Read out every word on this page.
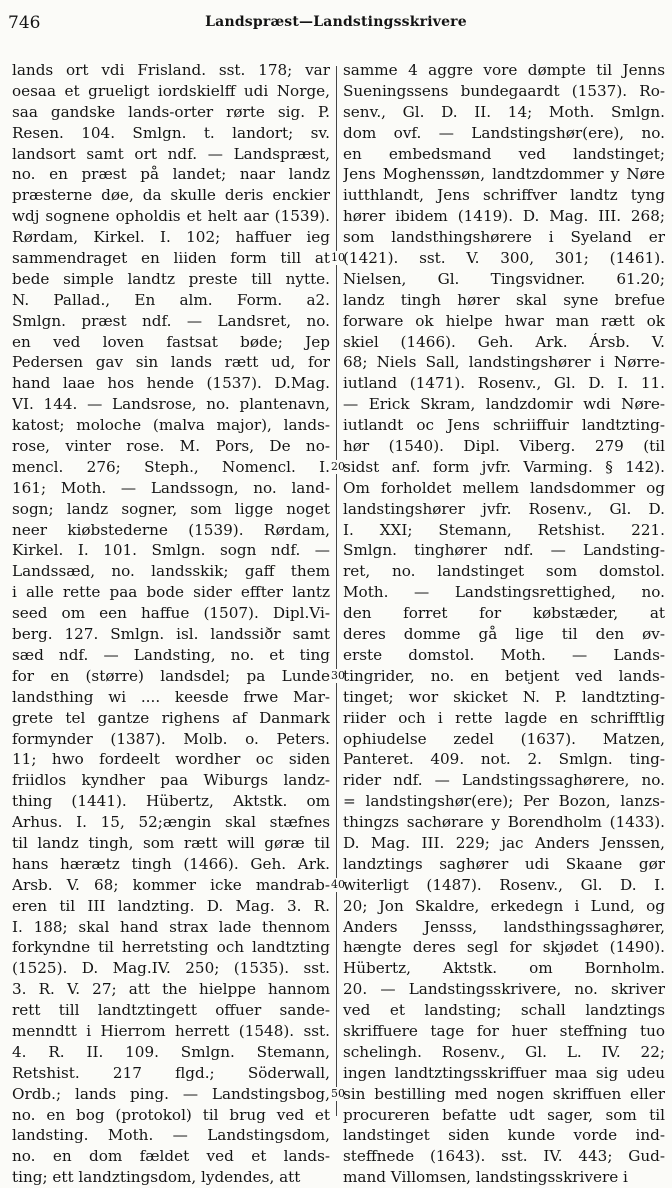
746	Landspræst—Landstingsskrivere
lands ort vdi Frisland. sst. 178; var
oesaa et grueligt iordskielff udi Norge,
saa gandske lands-orter rørte sig. P.
Resen. 104. Smlgn. t. landort; sv.
landsort samt ort ndf. — Landspræst,
no. en præst på landet; naar landz
præsterne døe, da skulle deris enckier
wdj sognene opholdis et helt aar (1539).
Rørdam, Kirkel. I. 102; haffuer ieg
sammendraget en liiden form till at
bede simple landtz preste till nytte.
N. Pallad., En alm. Form. a2.
Smlgn. præst ndf. — Landsret, no.
en ved loven fastsat bøde; Jep
Pedersen gav sin lands rætt ud, for
hand laae hos hende (1537). D.Mag.
VI. 144. — Landsrose, no. plantenavn,
katost; moloche (malva major), lands-
rose, vinter rose. M. Pors, De no-
mencl. 276; Steph., Nomencl. I.
161; Moth. — Landssogn, no. land-
sogn; landz sogner, som ligge noget
neer kiøbstederne (1539). Rørdam,
Kirkel. I. 101. Smlgn. sogn ndf. —
Landssæd, no. landsskik; gaff them
i alle rette paa bode sider effter lantz
seed om een haffue (1507). Dipl.Vi-
berg. 127. Smlgn. isl. landssiðr samt
sæd ndf. — Landsting, no. et ting
for en (større) landsdel; pa Lunde
landsthing wi .... keesde frwe Mar-
grete tel gantze righens af Danmark
formynder (1387). Molb. o. Peters.
11; hwo fordeelt wordher oc siden
friidlos kyndher paa Wiburgs landz-
thing (1441). Hübertz, Aktstk. om
Arhus. I. 15, 52;ængin skal stæfnes
til landz tingh, som rætt will gøræ til
hans hærætz tingh (1466). Geh. Ark.
Arsb. V. 68; kommer icke mandrab-
eren til III landzting. D. Mag. 3. R.
I. 188; skal hand strax lade thennom
forkyndne til herretsting och landtzting
(1525). D. Mag.IV. 250; (1535). sst.
3. R. V. 27; att the hielppe hannom
rett till landtztingett offuer sande-
menndtt i Hierrom herrett (1548). sst.
4. R. II. 109. Smlgn. Stemann,
Retshist. 217 flgd.; Söderwall,
Ordb.; lands ping. — Landstingsbog,
no. en bog (protokol) til brug ved et
landsting. Moth. — Landstingsdom,
no. en dom fældet ved et lands-
ting; ett landztingsdom, lydendes, att
10
20
30
40
50
samme 4 aggre vore dømpte til Jenns
Sueningssens bundegaardt (1537). Ro-
senv., Gl. D. II. 14; Moth. Smlgn.
dom ovf. — Landstingshør(ere), no.
en embedsmand ved landstinget;
Jens Moghenssøn, landtzdommer y Nøre
iutthlandt, Jens schriffver landtz tyng
hører ibidem (1419). D. Mag. III. 268;
som landsthingshørere i Syeland er
(1421). sst. V. 300, 301; (1461).
Nielsen, Gl. Tingsvidner. 61.20;
landz tingh hører skal syne brefue
forware ok hielpe hwar man rætt ok
skiel (1466). Geh. Ark. Ársb. V.
68; Niels Sall, landstingshører i Nørre-
iutland (1471). Rosenv., Gl. D. I. 11.
— Erick Skram, landzdomir wdi Nøre-
iutlandt oc Jens schriiffuir landtzting-
hør (1540). Dipl. Viberg. 279 (til
sidst anf. form jvfr. Varming. § 142).
Om forholdet mellem landsdommer og
landstingshører jvfr. Rosenv., Gl. D.
I. XXI; Stemann, Retshist. 221.
Smlgn. tinghører ndf. — Landsting-
ret, no. landstinget som domstol.
Moth. — Landstingsrettighed, no.
den forret for købstæder, at
deres domme gå lige til den øv-
erste domstol. Moth. — Lands-
tingrider, no. en betjent ved lands-
tinget; wor skicket N. P. landtzting-
riider och i rette lagde en schrifftlig
ophiudelse zedel (1637). Matzen,
Panteret. 409. not. 2. Smlgn. ting-
rider ndf. — Landstingssaghørere, no.
= landstingshør(ere); Per Bozon, lanzs-
thingzs sachørare y Borendholm (1433).
D. Mag. III. 229; jac Anders Jenssen,
landztings saghører udi Skaane gør
witerligt (1487). Rosenv., Gl. D. I.
20; Jon Skaldre, erkedegn i Lund, og
Anders Jensss, landsthingssaghører,
hængte deres segl for skjødet (1490).
Hübertz, Aktstk. om Bornholm.
20. — Landstingsskrivere, no. skriver
ved et landsting; schall landztings
skriffuere tage for huer steffning tuo
schelingh. Rosenv., Gl. L. IV. 22;
ingen landtztingsskriffuer maa sig udeu
sin bestilling med nogen skriffuen eller
procureren befatte udt sager, som til
landstinget siden kunde vorde ind-
steffnede (1643). sst. IV. 443; Gud-
mand Villomsen, landstingsskrivere i
